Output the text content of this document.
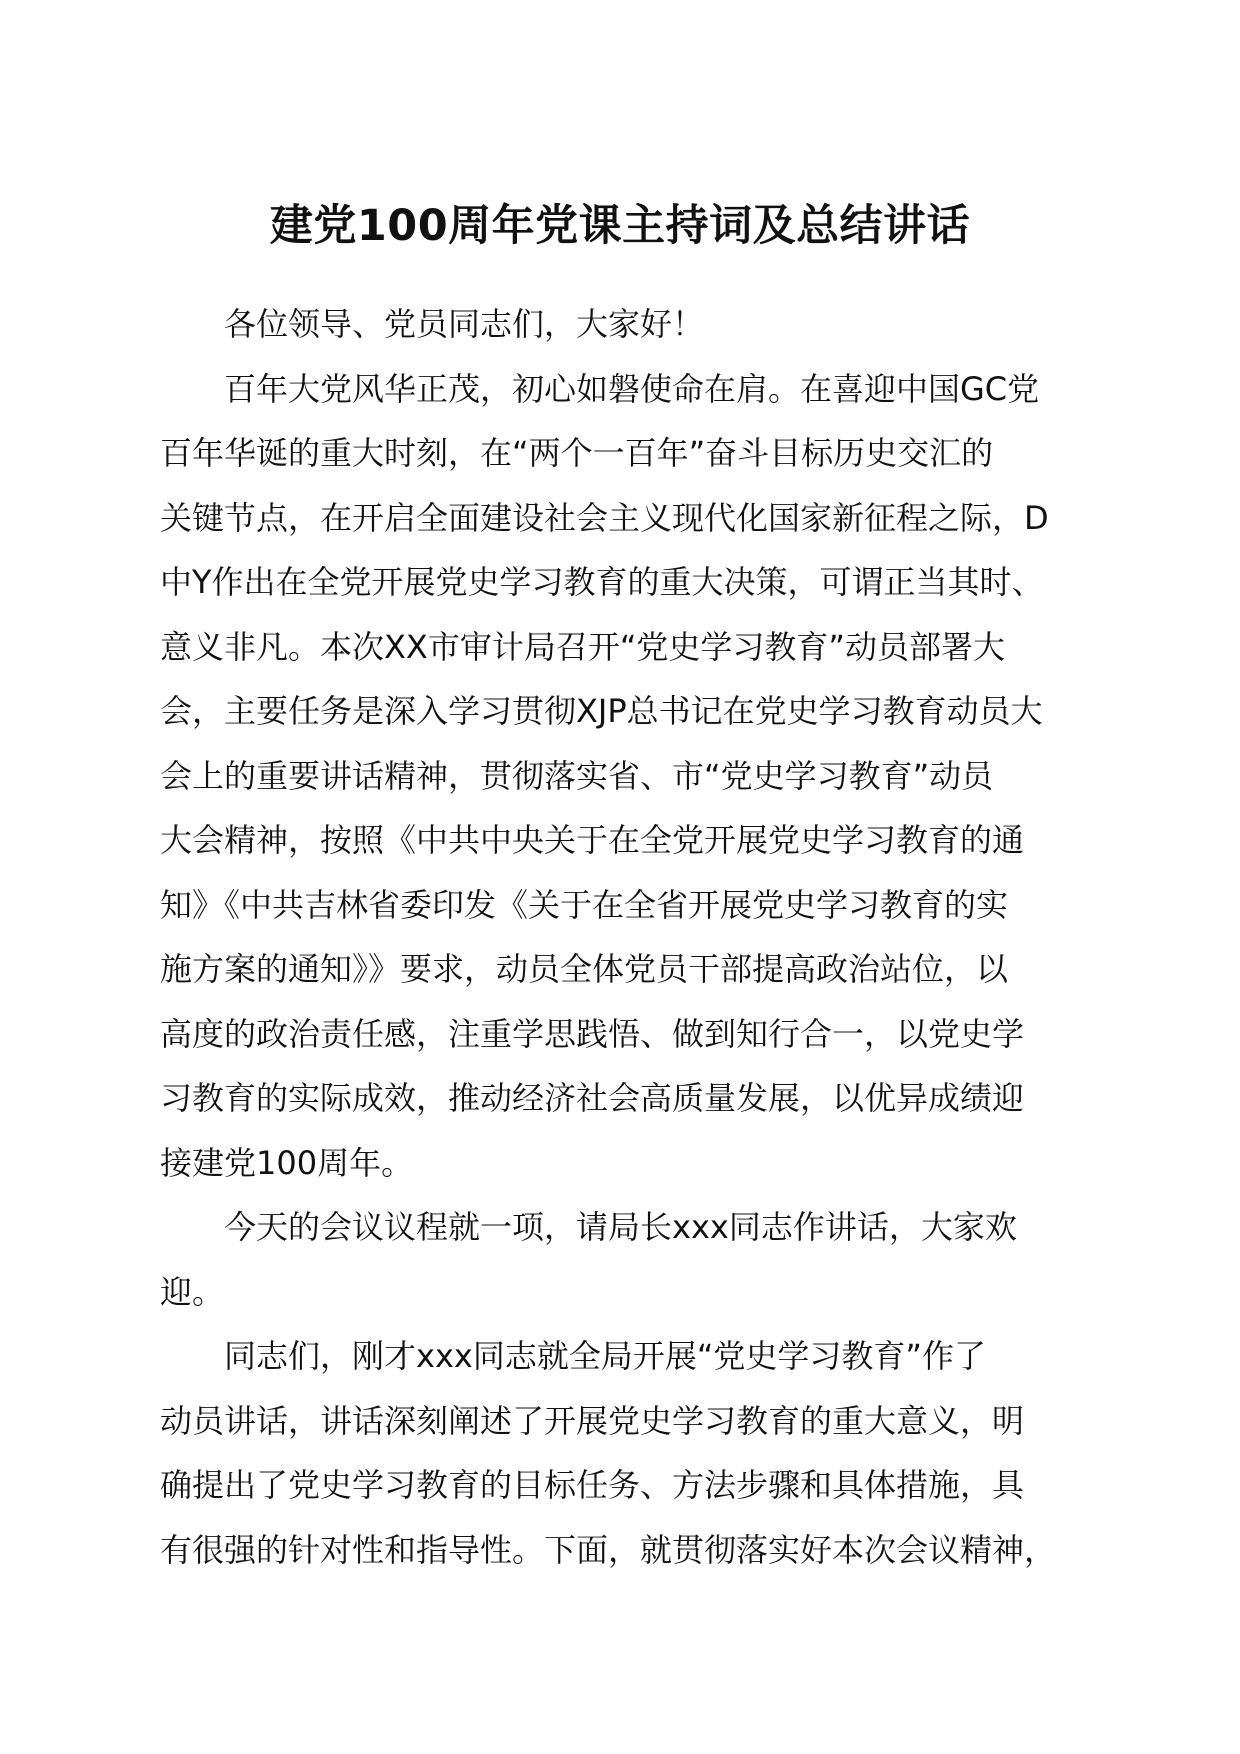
建党100周年党课主持词及总结讲话
各位领导、党员同志们，大家好！
百年大党风华正茂，初心如磐使命在肩。在喜迎中国GC党
百年华诞的重大时刻，在“两个一百年”奋斗目标历史交汇的
关键节点，在开启全面建设社会主义现代化国家新征程之际，D
中Y作出在全党开展党史学习教育的重大决策，可谓正当其时、
意义非凡。本次XX市审计局召开“党史学习教育”动员部署大
会，主要任务是深入学习贯彻XJP总书记在党史学习教育动员大
会上的重要讲话精神，贯彻落实省、市“党史学习教育”动员
大会精神，按照《中共中央关于在全党开展党史学习教育的通
知》《中共吉林省委印发《关于在全省开展党史学习教育的实
施方案的通知》》要求，动员全体党员干部提高政治站位，以
高度的政治责任感，注重学思践悟、做到知行合一，以党史学
习教育的实际成效，推动经济社会高质量发展，以优异成绩迎
接建党100周年。
今天的会议议程就一项，请局长xxx同志作讲话，大家欢
迎。
同志们，刚才xxx同志就全局开展“党史学习教育”作了
动员讲话，讲话深刻阐述了开展党史学习教育的重大意义，明
确提出了党史学习教育的目标任务、方法步骤和具体措施，具
有很强的针对性和指导性。下面，就贯彻落实好本次会议精神，
